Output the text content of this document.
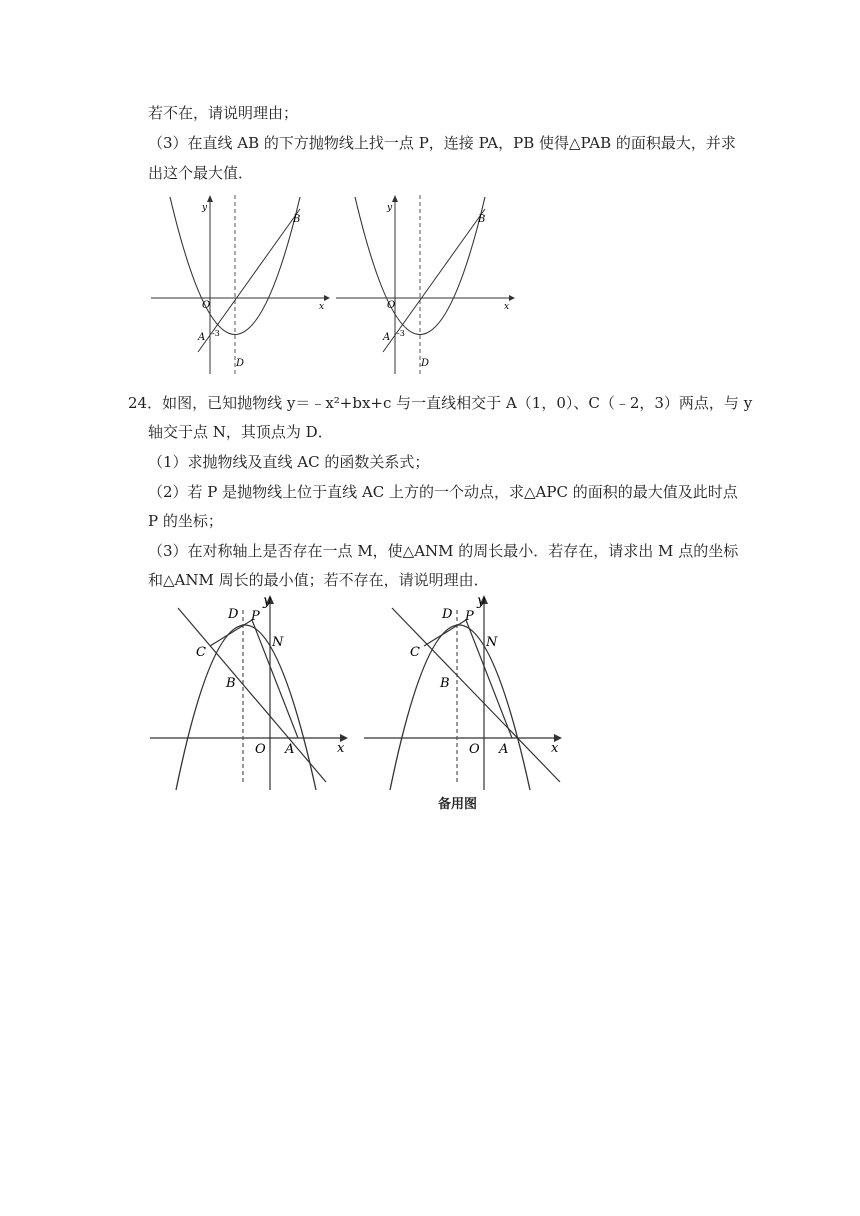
若不在，请说明理由；
（3）在直线 AB 的下方抛物线上找一点 P，连接 PA，PB 使得△PAB 的面积最大，并求
出这个最大值．
y
x
O
A -3
B
D
y
x
O
A -3
B
D
24．如图，已知抛物线 y＝﹣x²+bx+c 与一直线相交于 A（1，0）、C（﹣2，3）两点，与 y
轴交于点 N，其顶点为 D．
（1）求抛物线及直线 AC 的函数关系式；
（2）若 P 是抛物线上位于直线 AC 上方的一个动点，求△APC 的面积的最大值及此时点
P 的坐标；
（3）在对称轴上是否存在一点 M，使△ANM 的周长最小．若存在，请求出 M 点的坐标
和△ANM 周长的最小值；若不存在，请说明理由．
y
x
O A
B
C
D P
N
y
x
O A
B
C
D P
N
备用图
